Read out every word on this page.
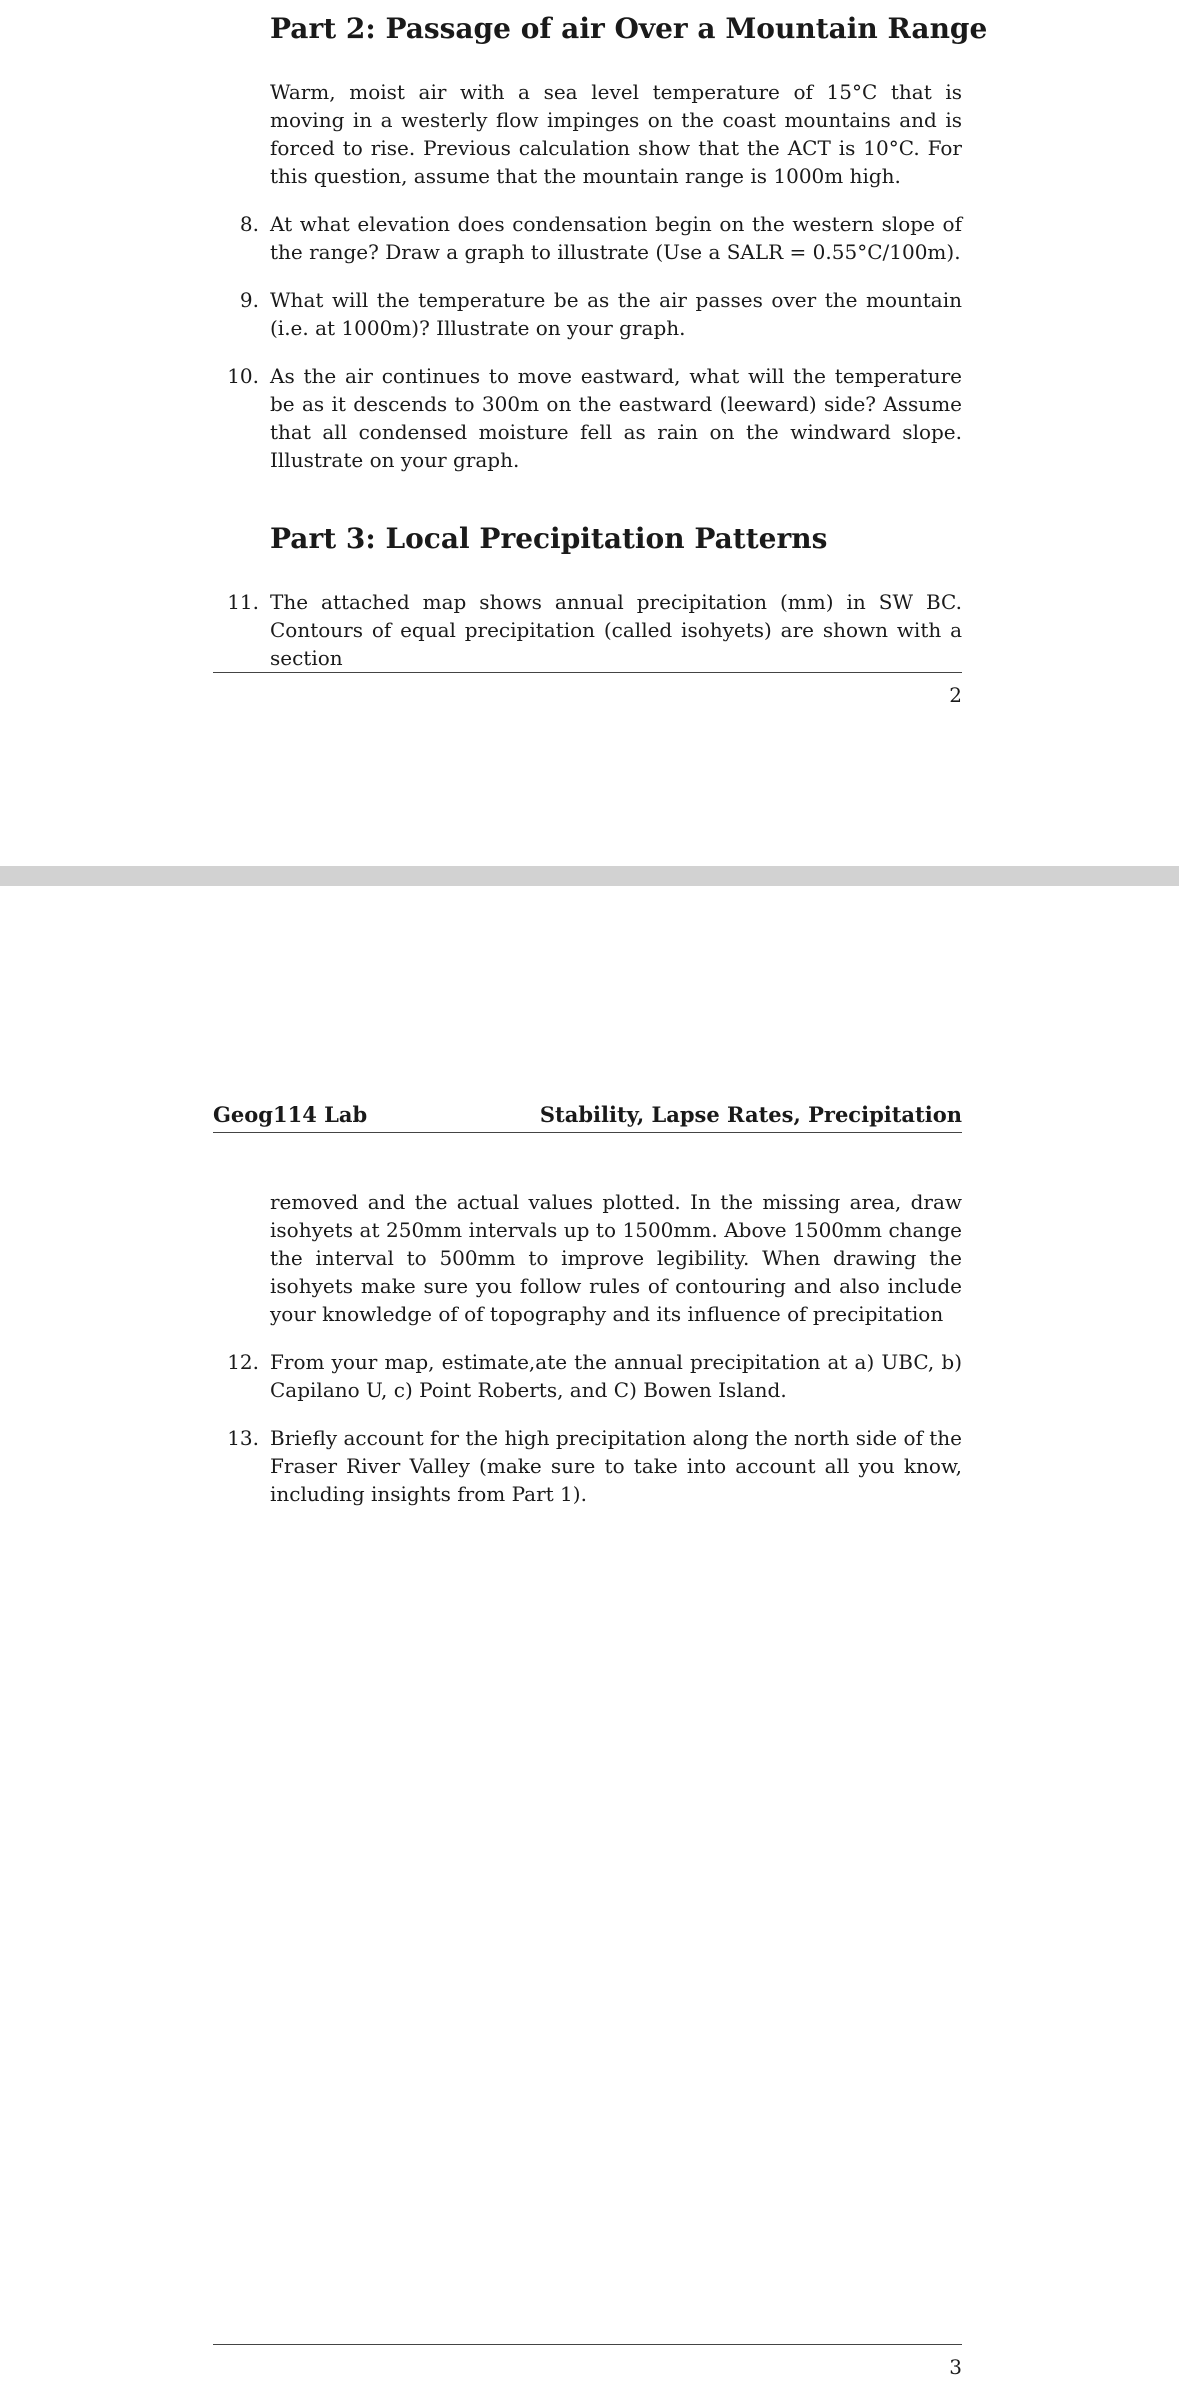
Part 2: Passage of air Over a Mountain Range

Warm, moist air with a sea level temperature of 15°C that is moving in a westerly flow impinges on the coast mountains and is forced to rise. Previous calculation show that the ACT is 10°C. For this question, assume that the mountain range is 1000m high.

8. At what elevation does condensation begin on the western slope of the range? Draw a graph to illustrate (Use a SALR = 0.55°C/100m).
9. What will the temperature be as the air passes over the mountain (i.e. at 1000m)? Illustrate on your graph.
10. As the air continues to move eastward, what will the temperature be as it descends to 300m on the eastward (leeward) side? Assume that all condensed moisture fell as rain on the windward slope. Illustrate on your graph.
Part 3: Local Precipitation Patterns
11. The attached map shows annual precipitation (mm) in SW BC. Contours of equal precipitation (called isohyets) are shown with a section
2
Geog114 Lab	Stability, Lapse Rates, Precipitation

removed and the actual values plotted. In the missing area, draw isohyets at 250mm intervals up to 1500mm. Above 1500mm change the interval to 500mm to improve legibility. When drawing the isohyets make sure you follow rules of contouring and also include your knowledge of of topography and its influence of precipitation

12. From your map, estimate,ate the annual precipitation at a) UBC, b) Capilano U, c) Point Roberts, and C) Bowen Island.
13. Briefly account for the high precipitation along the north side of the Fraser River Valley (make sure to take into account all you know, including insights from Part 1).
3
